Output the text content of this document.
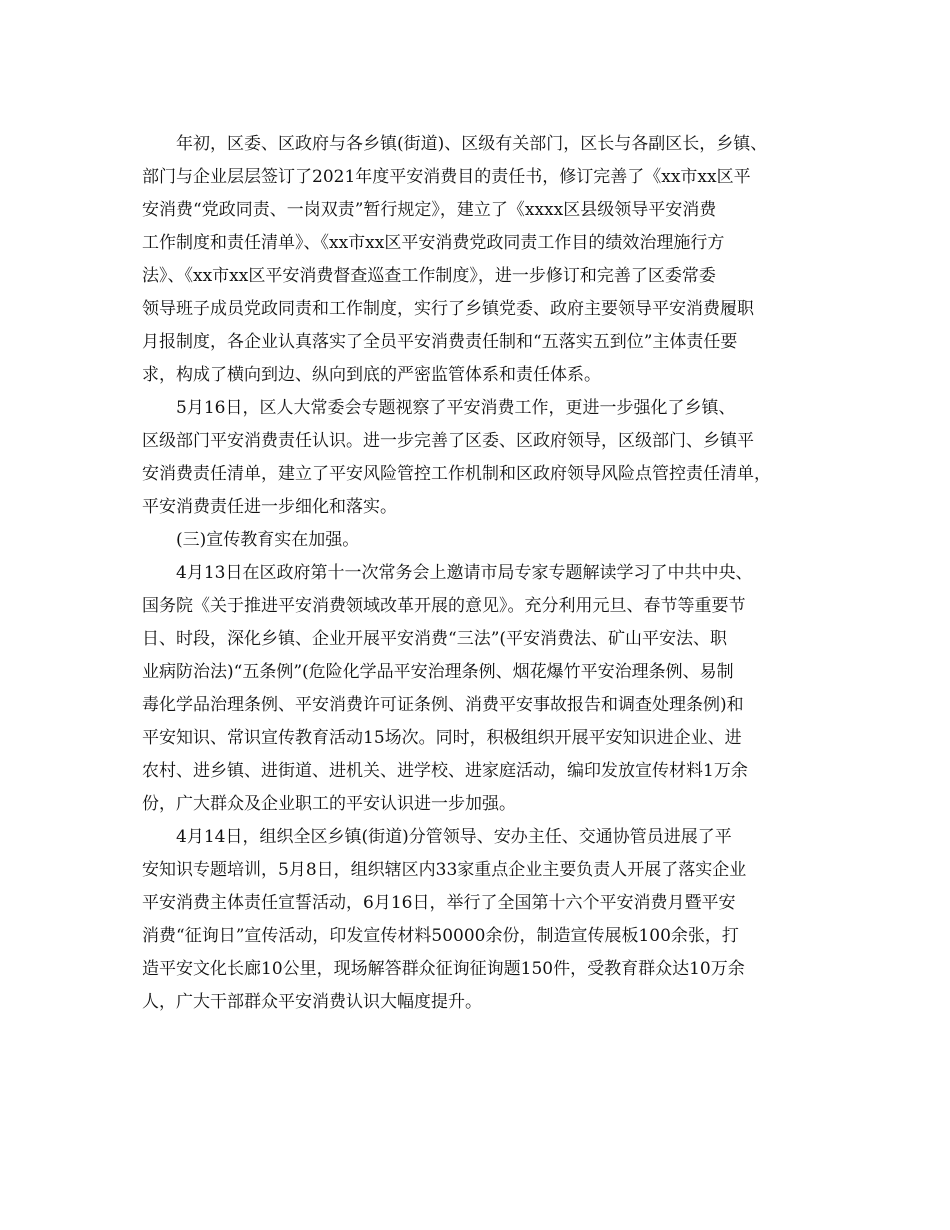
年初，区委、区政府与各乡镇(街道)、区级有关部门，区长与各副区长，乡镇、
部门与企业层层签订了2021年度平安消费目的责任书，修订完善了《xx市xx区平
安消费“党政同责、一岗双责”暂行规定》，建立了《xxxx区县级领导平安消费
工作制度和责任清单》、《xx市xx区平安消费党政同责工作目的绩效治理施行方
法》、《xx市xx区平安消费督查巡查工作制度》，进一步修订和完善了区委常委
领导班子成员党政同责和工作制度，实行了乡镇党委、政府主要领导平安消费履职
月报制度，各企业认真落实了全员平安消费责任制和“五落实五到位”主体责任要
求，构成了横向到边、纵向到底的严密监管体系和责任体系。
5月16日，区人大常委会专题视察了平安消费工作，更进一步强化了乡镇、
区级部门平安消费责任认识。进一步完善了区委、区政府领导，区级部门、乡镇平
安消费责任清单，建立了平安风险管控工作机制和区政府领导风险点管控责任清单，
平安消费责任进一步细化和落实。
(三)宣传教育实在加强。
4月13日在区政府第十一次常务会上邀请市局专家专题解读学习了中共中央、
国务院《关于推进平安消费领域改革开展的意见》。充分利用元旦、春节等重要节
日、时段，深化乡镇、企业开展平安消费“三法”(平安消费法、矿山平安法、职
业病防治法)“五条例”(危险化学品平安治理条例、烟花爆竹平安治理条例、易制
毒化学品治理条例、平安消费许可证条例、消费平安事故报告和调查处理条例)和
平安知识、常识宣传教育活动15场次。同时，积极组织开展平安知识进企业、进
农村、进乡镇、进街道、进机关、进学校、进家庭活动，编印发放宣传材料1万余
份，广大群众及企业职工的平安认识进一步加强。
4月14日，组织全区乡镇(街道)分管领导、安办主任、交通协管员进展了平
安知识专题培训，5月8日，组织辖区内33家重点企业主要负责人开展了落实企业
平安消费主体责任宣誓活动，6月16日，举行了全国第十六个平安消费月暨平安
消费“征询日”宣传活动，印发宣传材料50000余份，制造宣传展板100余张，打
造平安文化长廊10公里，现场解答群众征询征询题150件，受教育群众达10万余
人，广大干部群众平安消费认识大幅度提升。
